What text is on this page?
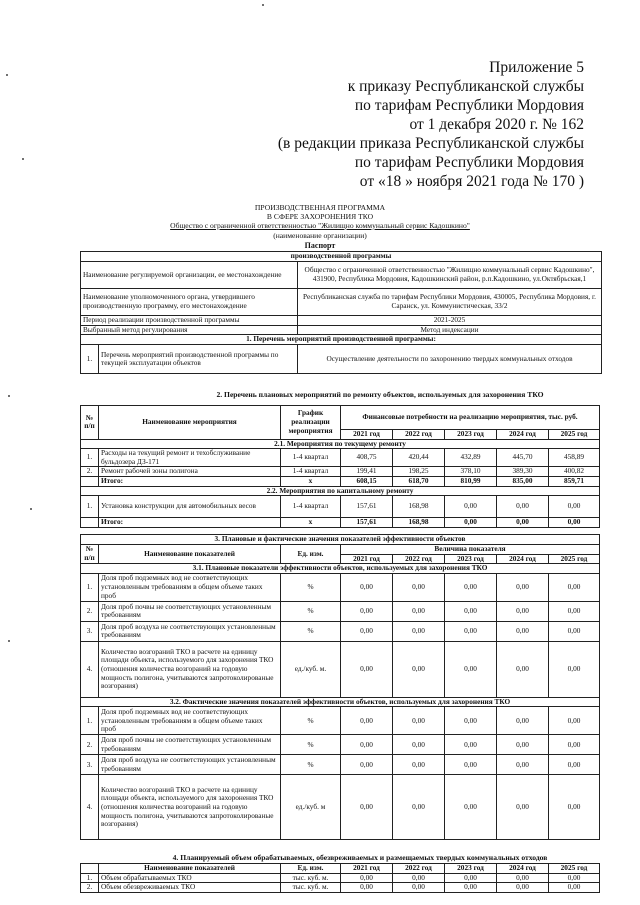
Приложение 5
к приказу Республиканской службы
по тарифам Республики Мордовия
от 1 декабря 2020 г. № 162
(в редакции приказа Республиканской службы
по тарифам Республики Мордовия
от «18 » ноября 2021 года № 170 )
ПРОИЗВОДСТВЕННАЯ ПРОГРАММА
В СФЕРЕ ЗАХОРОНЕНИЯ ТКО
Общество с ограниченной ответственностью "Жилищно коммунальный сервис Кадошкино"
(наименование организации)
Паспорт
производственной программы		
Наименование регулируемой организации, ее местонахождение		Общество с ограниченной ответственностью "Жилищно коммунальный сервис Кадошкино", 431900, Республика Мордовия, Кадошкинский район, р.п.Кадошкино, ул.Октябрьская,1
Наименование уполномоченного органа, утвердившего производственную программу, его местонахождение		Республиканская служба по тарифам Республики Мордовия, 430005, Республика Мордовия, г. Саранск, ул. Коммунистическая, 33/2
Период реализации производственной программы		2021-2025
Выбранный метод регулирования		Метод индексации
1. Перечень мероприятий производственной программы:		
1.	Перечень мероприятий производственной программы по текущей эксплуатации объектов	Осуществление деятельности по захоронению твердых коммунальных отходов
2. Перечень плановых мероприятий по ремонту объектов, используемых для захоронения ТКО
№ п/п	Наименование мероприятия	График реализации мероприятия	Финансовые потребности на реализацию мероприятия, тыс. руб.				
			2021 год	2022 год	2023 год	2024 год	2025 год
2.1. Мероприятия по текущему ремонту							
1.	Расходы на текущий ремонт и техобслуживание бульдозера ДЗ-171	1-4 квартал	408,75	420,44	432,89	445,70	458,89
2.	Ремонт рабочей зоны полигона	1-4 квартал	199,41	198,25	378,10	389,30	400,82
	Итого:	x	608,15	618,70	810,99	835,00	859,71
2.2. Мероприятия по капитальному ремонту							
1.	Установка конструкции для автомобильных весов	1-4 квартал	157,61	168,98	0,00	0,00	0,00
	Итого:	x	157,61	168,98	0,00	0,00	0,00
3. Плановые и фактические значения показателей эффективности объектов							
№ п/п	Наименование показателей	Ед. изм.	Величина показателя				
			2021 год	2022 год	2023 год	2024 год	2025 год
3.1. Плановые показатели эффективности объектов, используемых для захоронения ТКО							
1.	Доля проб подземных вод не соответствующих установленным требованиям в общем объеме таких проб	%	0,00	0,00	0,00	0,00	0,00
2.	Доля проб почвы не соответствующих установленным требованиям	%	0,00	0,00	0,00	0,00	0,00
3.	Доля проб воздуха не соответствующих установленным требованиям	%	0,00	0,00	0,00	0,00	0,00
4.	Количество возгораний ТКО в расчете на единицу площади объекта, используемого для захоронения ТКО (отношения количества возгораний на годовую мощность полигона, учитываются запротоколированые возгорания)	ед./куб. м.	0,00	0,00	0,00	0,00	0,00
3.2. Фактические значения показателей эффективности объектов, используемых для захоронения ТКО							
1.	Доля проб подземных вод не соответствующих установленным требованиям в общем объеме таких проб	%	0,00	0,00	0,00	0,00	0,00
2.	Доля проб почвы не соответствующих установленным требованиям	%	0,00	0,00	0,00	0,00	0,00
3.	Доля проб воздуха не соответствующих установленным требованиям	%	0,00	0,00	0,00	0,00	0,00
4.	Количество возгораний ТКО в расчете на единицу площади объекта, используемого для захоронения ТКО (отношения количества возгораний на годовую мощность полигона, учитываются запротоколированые возгорания)	ед./куб. м	0,00	0,00	0,00	0,00	0,00
4. Планируемый объем обрабатываемых, обезвреживаемых и размещаемых твердых коммунальных отходов
	Наименование показателей	Ед. изм.	2021 год	2022 год	2023 год	2024 год	2025 год
1.	Объем обрабатываемых ТКО	тыс. куб. м.	0,00	0,00	0,00	0,00	0,00
2.	Объем обезвреживаемых ТКО	тыс. куб. м.	0,00	0,00	0,00	0,00	0,00
